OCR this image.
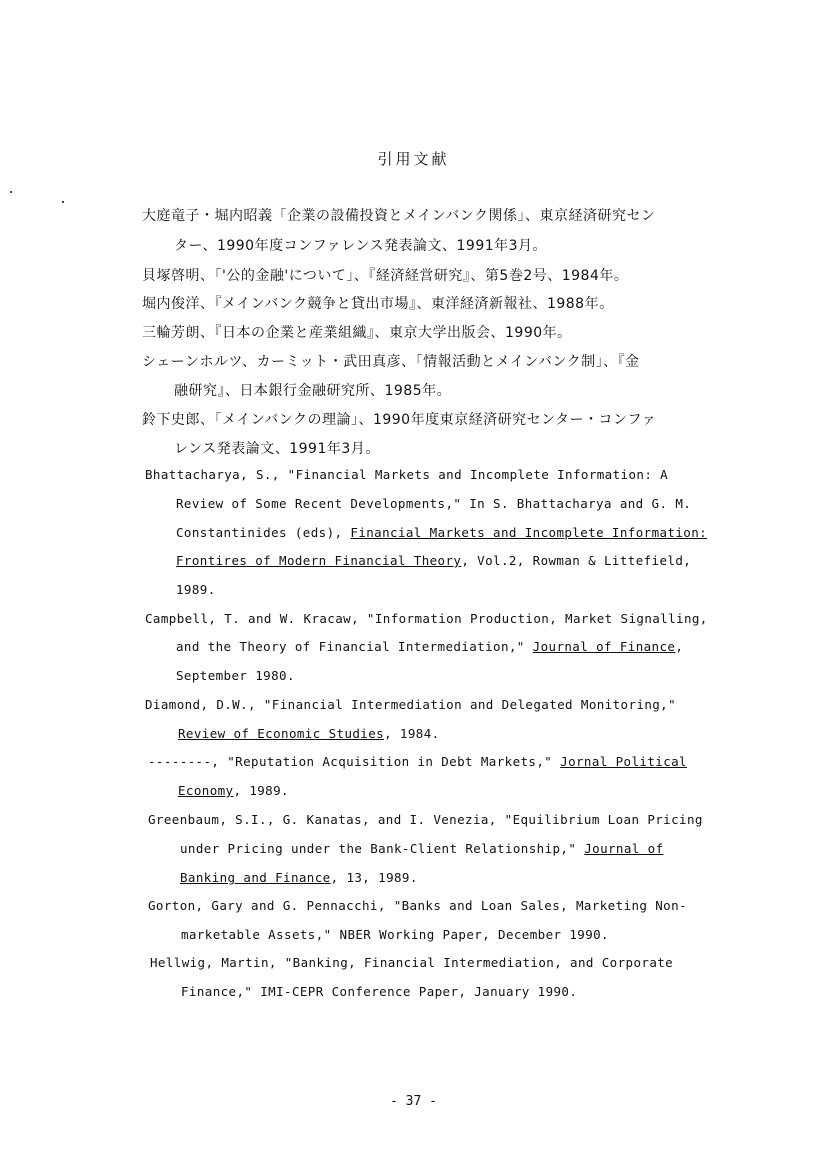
引用文献
大庭竜子・堀内昭義「企業の設備投資とメインバンク関係」、東京経済研究セン
ター、1990年度コンファレンス発表論文、1991年3月。
貝塚啓明、「'公的金融'について」、『経済経営研究』、第5巻2号、1984年。
堀内俊洋、『メインバンク競争と貸出市場』、東洋経済新報社、1988年。
三輪芳朗、『日本の企業と産業組織』、東京大学出版会、1990年。
シェーンホルツ、カーミット・武田真彦、「情報活動とメインバンク制」、『金
融研究』、日本銀行金融研究所、1985年。
鈴下史郎、「メインバンクの理論」、1990年度東京経済研究センター・コンファ
レンス発表論文、1991年3月。
Bhattacharya, S., "Financial Markets and Incomplete Information: A
Review of Some Recent Developments," In S. Bhattacharya and G. M.
Constantinides (eds), Financial Markets and Incomplete Information:
Frontires of Modern Financial Theory, Vol.2, Rowman & Littefield,
1989.
Campbell, T. and W. Kracaw, "Information Production, Market Signalling,
and the Theory of Financial Intermediation," Journal of Finance,
September 1980.
Diamond, D.W., "Financial Intermediation and Delegated Monitoring,"
Review of Economic Studies, 1984.
--------, "Reputation Acquisition in Debt Markets," Jornal Political
Economy, 1989.
Greenbaum, S.I., G. Kanatas, and I. Venezia, "Equilibrium Loan Pricing
under Pricing under the Bank-Client Relationship," Journal of
Banking and Finance, 13, 1989.
Gorton, Gary and G. Pennacchi, "Banks and Loan Sales, Marketing Non-
marketable Assets," NBER Working Paper, December 1990.
Hellwig, Martin, "Banking, Financial Intermediation, and Corporate
Finance," IMI-CEPR Conference Paper, January 1990.
- 37 -
